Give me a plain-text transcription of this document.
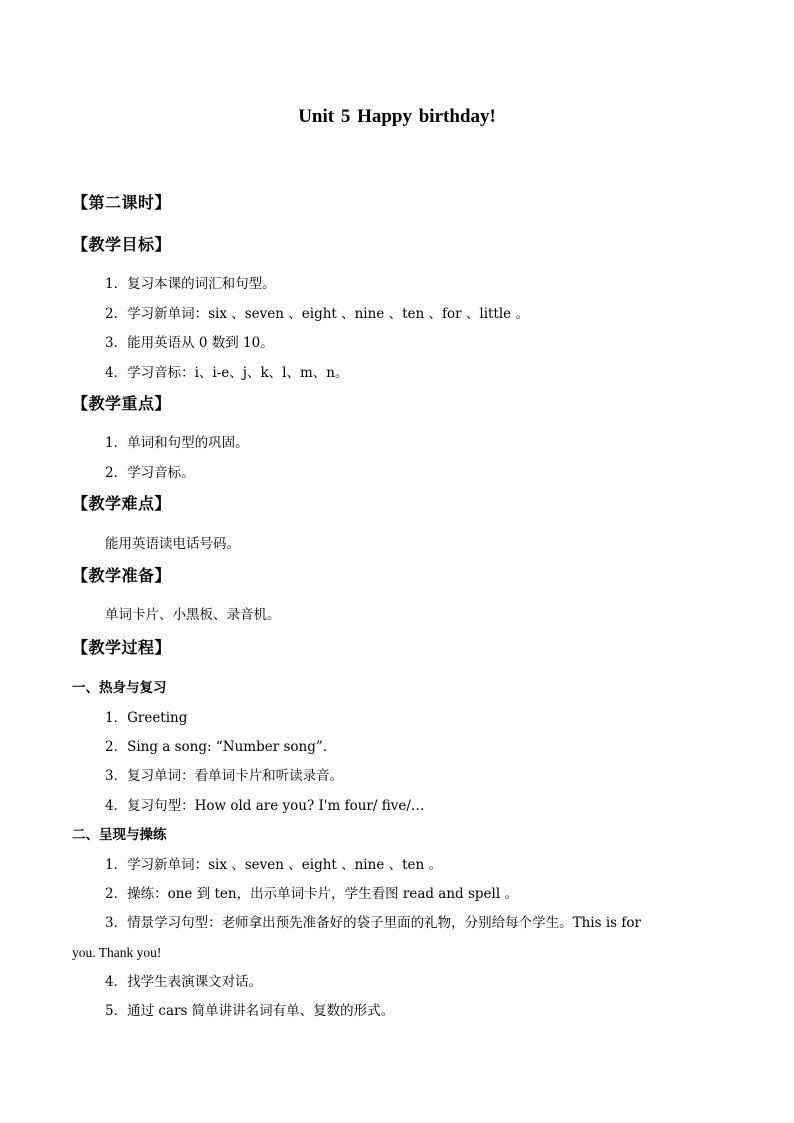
Unit 5 Happy birthday!
【第二课时】
【教学目标】
1．复习本课的词汇和句型。
2．学习新单词：six 、seven 、eight 、nine 、ten 、for 、little 。
3．能用英语从 0 数到 10。
4．学习音标：i、i-e、j、k、l、m、n。
【教学重点】
1．单词和句型的巩固。
2．学习音标。
【教学难点】
能用英语读电话号码。
【教学准备】
单词卡片、小黑板、录音机。
【教学过程】
一、热身与复习
1．Greeting
2．Sing a song: “Number song”.
3．复习单词：看单词卡片和听读录音。
4．复习句型：How old are you? I'm four/ five/…
二、呈现与操练
1．学习新单词：six 、seven 、eight 、nine 、ten 。
2．操练：one 到 ten，出示单词卡片，学生看图 read and spell 。
3．情景学习句型：老师拿出预先准备好的袋子里面的礼物，分别给每个学生。This is for
you. Thank you!
4．找学生表演课文对话。
5．通过 cars 简单讲讲名词有单、复数的形式。
